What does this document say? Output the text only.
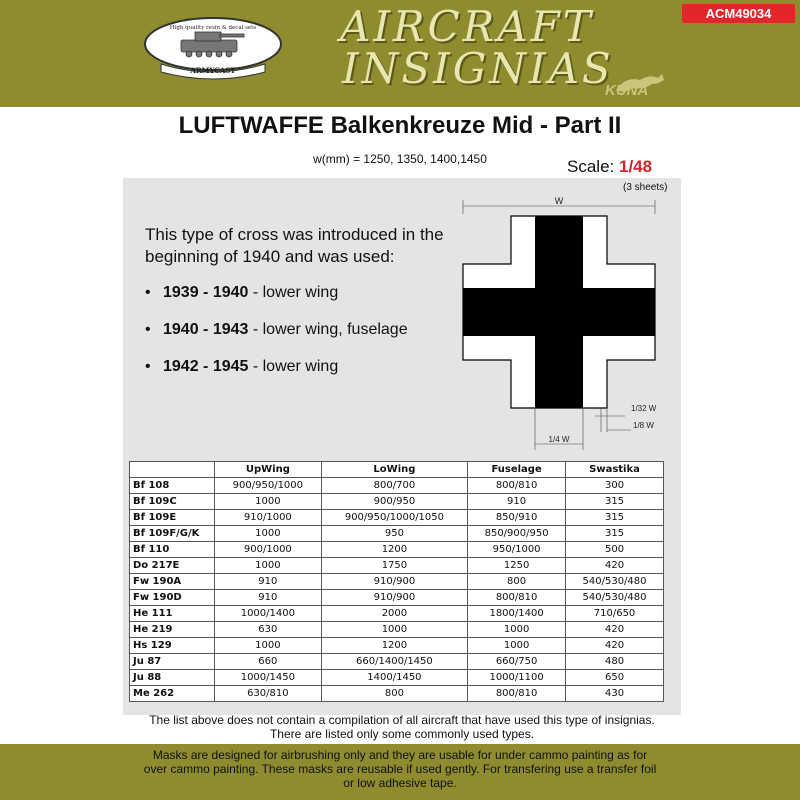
High quality resin & decal sets
ARMYCAST
AIRCRAFT
INSIGNIAS
ACM49034
KUNA
LUFTWAFFE Balkenkreuze Mid - Part II
w(mm) = 1250, 1350, 1400,1450	Scale: 1/48
(3 sheets)
This type of cross was introduced in the beginning of 1940 and was used:
• 1939 - 1940 - lower wing
• 1940 - 1943 - lower wing, fuselage
• 1942 - 1945 - lower wing
W
1/4 W
1/32 W
1/8 W
	UpWing	LoWing	Fuselage	Swastika
Bf 108	900/950/1000	800/700	800/810	300
Bf 109C	1000	900/950	910	315
Bf 109E	910/1000	900/950/1000/1050	850/910	315
Bf 109F/G/K	1000	950	850/900/950	315
Bf 110	900/1000	1200	950/1000	500
Do 217E	1000	1750	1250	420
Fw 190A	910	910/900	800	540/530/480
Fw 190D	910	910/900	800/810	540/530/480
He 111	1000/1400	2000	1800/1400	710/650
He 219	630	1000	1000	420
Hs 129	1000	1200	1000	420
Ju 87	660	660/1400/1450	660/750	480
Ju 88	1000/1450	1400/1450	1000/1100	650
Me 262	630/810	800	800/810	430
The list above does not contain a compilation of all aircraft that have used this type of insignias.
There are listed only some commonly used types.
Masks are designed for airbrushing only and they are usable for under cammo painting as for
over cammo painting. These masks are reusable if used gently. For transfering use a transfer foil
or low adhesive tape.
